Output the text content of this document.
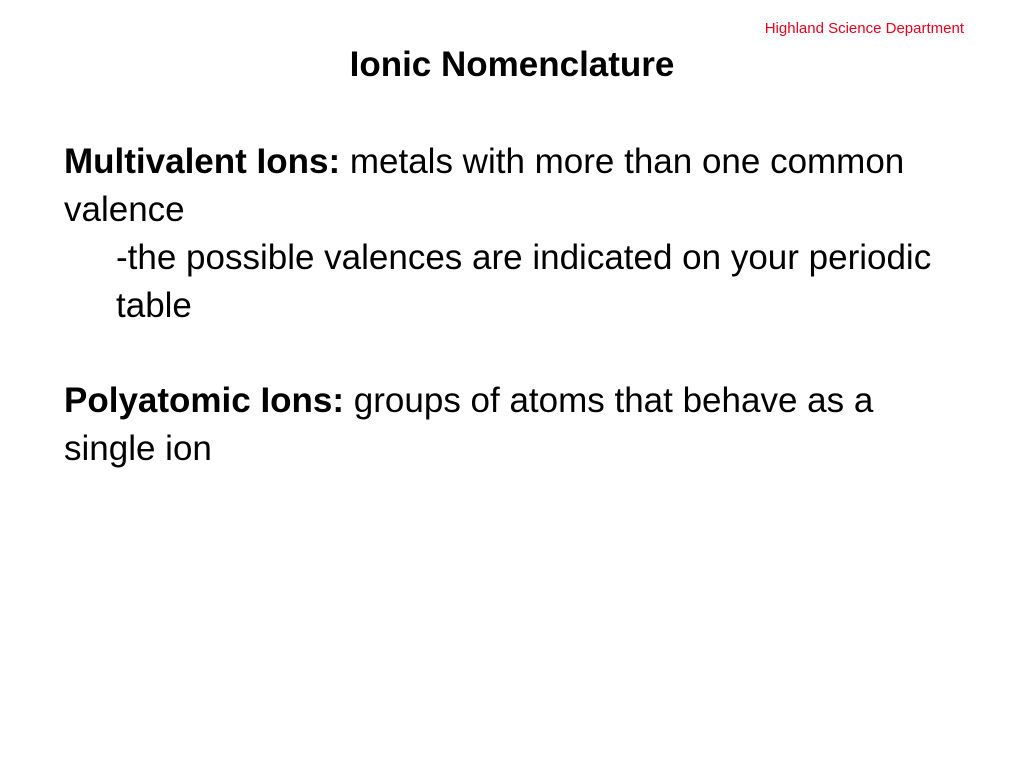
Highland Science Department
Ionic Nomenclature

Multivalent Ions: metals with more than one common valence

-the possible valences are indicated on your periodic table

Polyatomic Ions: groups of atoms that behave as a single ion
